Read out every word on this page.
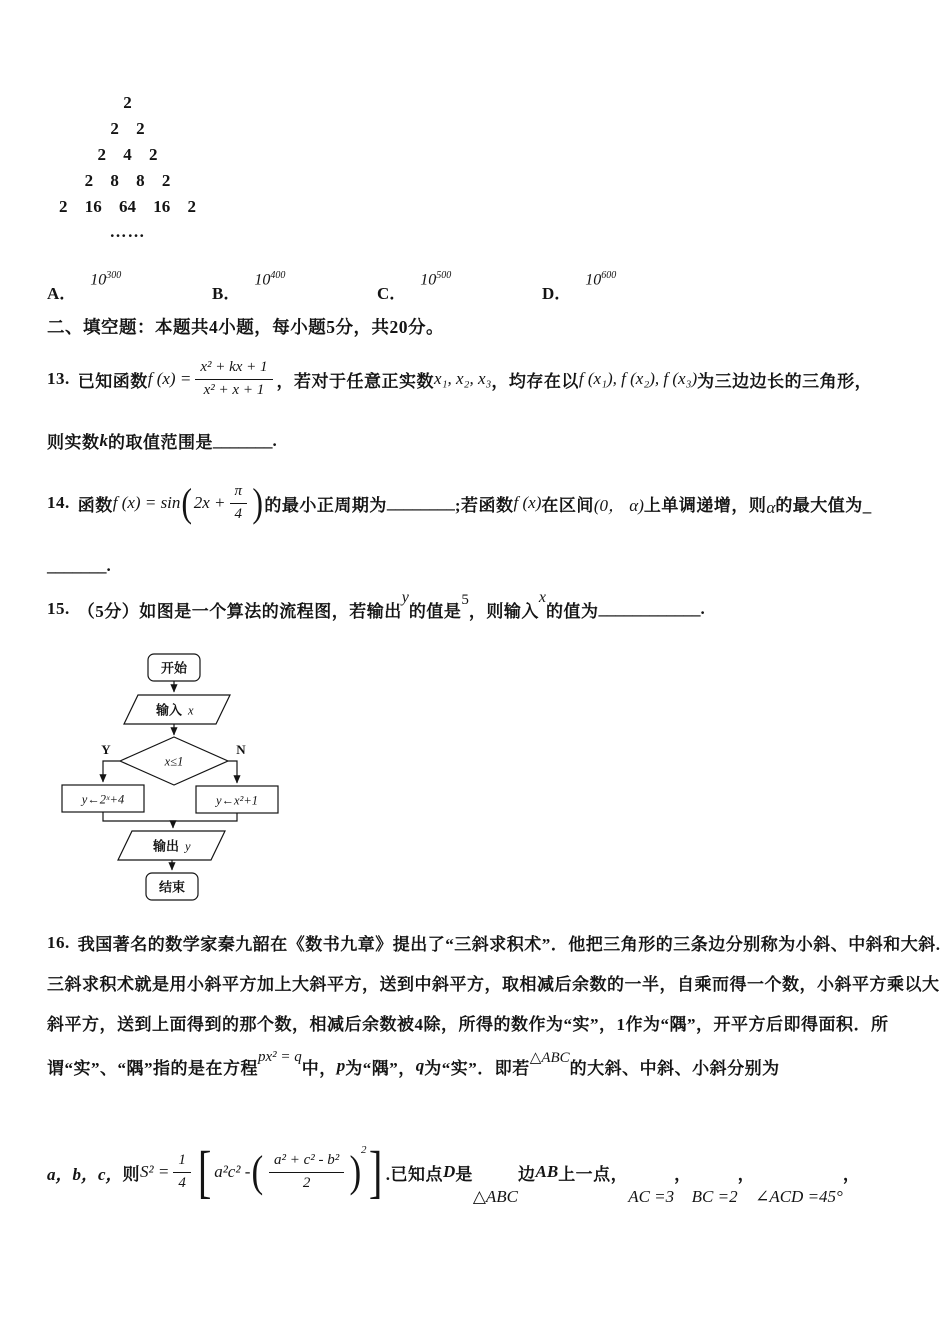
2
2 2
2 4 2
2 8 8 2
2 16 64 16 2
……
A．
$10^{300}$
B．
$10^{400}$
C．
$10^{500}$
D．
$10^{600}$
二、填空题：本题共4小题，每小题5分，共20分。
13. 已知函数 f $(x) = \frac{\text{x² + kx + 1}}{\text{x² + x + 1}}$ ，若对于任意正实数 x₁, x₂, x₃ ，均存在以 f (x₁), f (x₂), f (x₃) 为三边边长的三角形，
则实数 k 的取值范围是 _______ .
14. 函数 f (x) = sin ( $2x + \frac{\pi}{4}$ ) 的最小正周期为 ________ ;若函数 f (x) 在区间 (0， α) 上单调递增，则 α 的最大值为_
_______ .
15. （5分） 如图是一个算法的流程图，若输出
y
的值是
5
，则输入
x
的值为 ____________ .
开始
输入 x
x≤1
Y	N
y←2ˣ+4	y←x²+1
输出 y
结束
16. 我国著名的数学家秦九韶在《数书九章》提出了“三斜求积术”．他把三角形的三条边分别称为小斜、中斜和大斜.
三斜求积术就是用小斜平方加上大斜平方，送到中斜平方，取相减后余数的一半，自乘而得一个数，小斜平方乘以大
斜平方，送到上面得到的那个数，相减后余数被4除，所得的数作为“实”，1作为“隅”，开平方后即得面积．所
谓“实”、“隅”指的是在方程
px² = q
中， p 为“隅”， q 为“实”．即若
△ABC
的大斜、中斜、小斜分别为
a，b，c， 则 $S^2 = \frac{1}{4}$ [ a²c² - ( $\frac{\text{a² + c² - b²}}{2}$ ) 2 ] .已知点 D 是
△ABC
边 AB 上一点，
AC =3
，
BC =2
，
∠ACD =45°
，
